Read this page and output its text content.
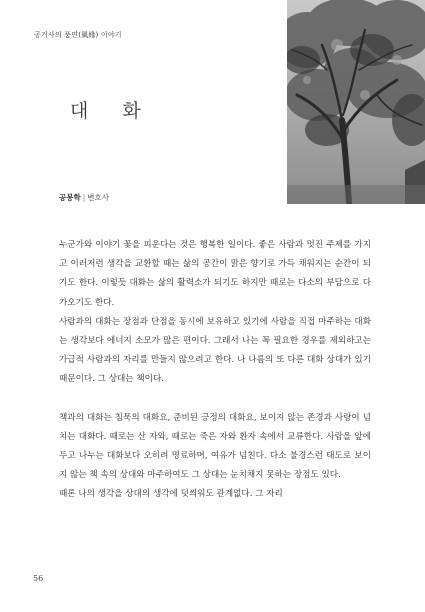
공거사의 풍연(風緣) 이야기
대 화
공봉학 | 변호사

누군가와 이야기 꽃을 피운다는 것은 행복한 일이다. 좋은 사람과 멋진 주제를 가지고 이러저런 생각을 교환할 때는 삶의 공간이 맑은 향기로 가득 채워지는 순간이 되기도 한다. 이렇듯 대화는 삶의 활력소가 되기도 하지만 때로는 다소의 부담으로 다가오기도 한다.

사람과의 대화는 장점과 단점을 동시에 보유하고 있기에 사람을 직접 마주하는 대화는 생각보다 에너지 소모가 많은 편이다. 그래서 나는 꼭 필요한 경우를 제외하고는 가급적 사람과의 자리를 만들지 않으려고 한다. 나 나름의 또 다른 대화 상대가 있기 때문이다. 그 상대는 책이다.

책과의 대화는 침묵의 대화요, 준비된 긍정의 대화요, 보이지 않는 존경과 사랑이 넘치는 대화다. 때로는 산 자와, 때로는 죽은 자와 환자 속에서 교류한다. 사람을 앞에 두고 나누는 대화보다 오히려 명료하며, 여유가 넘친다. 다소 불경스런 태도로 보이지 않는 책 속의 상대와 마주하여도 그 상대는 눈치채지 못하는 장점도 있다.

때론 나의 생각을 상대의 생각에 덧씌워도 관계없다. 그 자리

56
